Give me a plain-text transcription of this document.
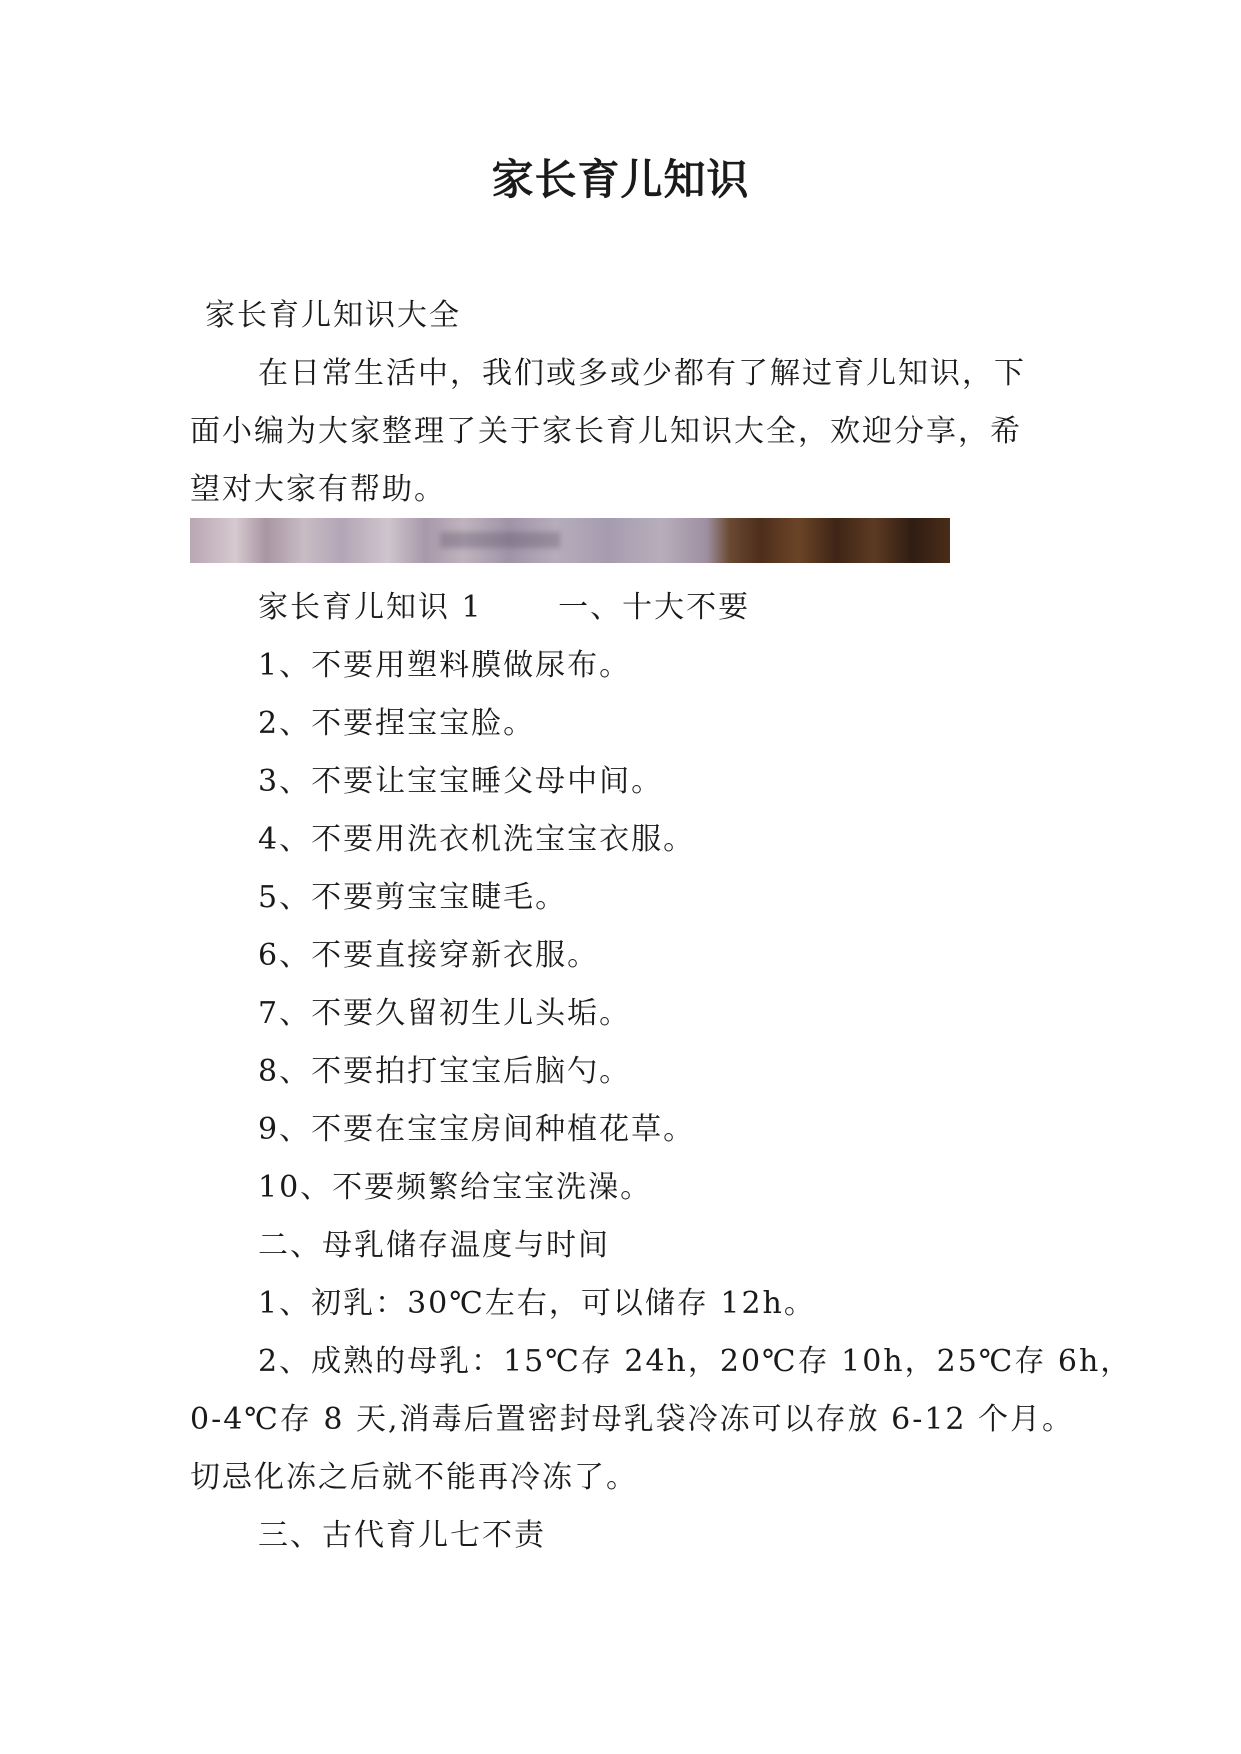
家长育儿知识

家长育儿知识大全

在日常生活中，我们或多或少都有了解过育儿知识，下

面小编为大家整理了关于家长育儿知识大全，欢迎分享，希

望对大家有帮助。

家长育儿知识 1　　 一、十大不要

1、不要用塑料膜做尿布。

2、不要捏宝宝脸。

3、不要让宝宝睡父母中间。

4、不要用洗衣机洗宝宝衣服。

5、不要剪宝宝睫毛。

6、不要直接穿新衣服。

7、不要久留初生儿头垢。

8、不要拍打宝宝后脑勺。

9、不要在宝宝房间种植花草。

10、不要频繁给宝宝洗澡。

二、母乳储存温度与时间

1、初乳：30℃左右，可以储存 12h。

2、成熟的母乳：15℃存 24h，20℃存 10h，25℃存 6h，

0-4℃存 8 天,消毒后置密封母乳袋冷冻可以存放 6-12 个月。

切忌化冻之后就不能再冷冻了。

三、古代育儿七不责
